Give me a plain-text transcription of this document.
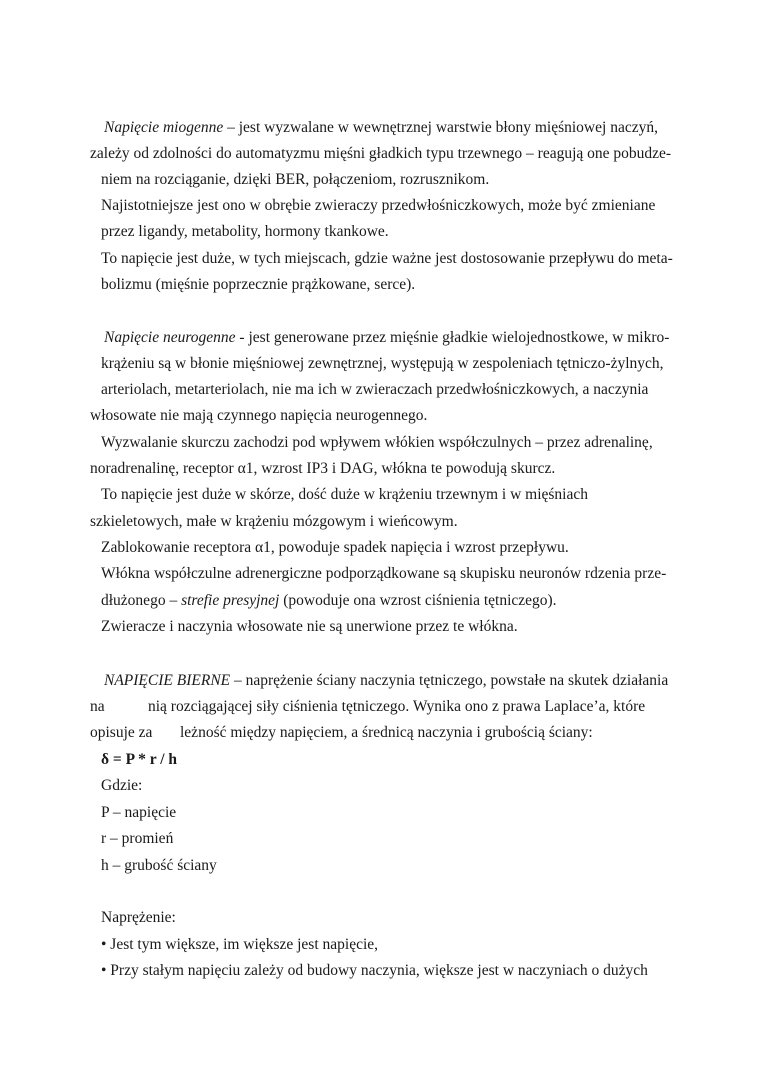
Napięcie miogenne – jest wyzwalane w wewnętrznej warstwie błony mięśniowej naczyń,
zależy od zdolności do automatyzmu mięśni gładkich typu trzewnego – reagują one pobudze-
niem na rozciąganie, dzięki BER, połączeniom, rozrusznikom.
Najistotniejsze jest ono w obrębie zwieraczy przedwłośniczkowych, może być zmieniane
przez ligandy, metabolity, hormony tkankowe.
To napięcie jest duże, w tych miejscach, gdzie ważne jest dostosowanie przepływu do meta-
bolizmu (mięśnie poprzecznie prążkowane, serce).
Napięcie neurogenne - jest generowane przez mięśnie gładkie wielojednostkowe, w mikro-
krążeniu są w błonie mięśniowej zewnętrznej, występują w zespoleniach tętniczo-żylnych,
arteriolach, metarteriolach, nie ma ich w zwieraczach przedwłośniczkowych, a naczynia
włosowate nie mają czynnego napięcia neurogennego.
Wyzwalanie skurczu zachodzi pod wpływem włókien współczulnych – przez adrenalinę,
noradrenalinę, receptor α1, wzrost IP3 i DAG, włókna te powodują skurcz.
To napięcie jest duże w skórze, dość duże w krążeniu trzewnym i w mięśniach
szkieletowych, małe w krążeniu mózgowym i wieńcowym.
Zablokowanie receptora α1, powoduje spadek napięcia i wzrost przepływu.
Włókna współczulne adrenergiczne podporządkowane są skupisku neuronów rdzenia prze-
dłużonego – strefie presyjnej (powoduje ona wzrost ciśnienia tętniczego).
Zwieracze i naczynia włosowate nie są unerwione przez te włókna.
NAPIĘCIE BIERNE – naprężenie ściany naczynia tętniczego, powstałe na skutek działania
na	nią rozciągającej siły ciśnienia tętniczego. Wynika ono z prawa Laplace’a, które
opisuje za leżność między napięciem, a średnicą naczynia i grubością ściany:
δ = P * r / h
Gdzie:
P – napięcie
r – promień
h – grubość ściany
Naprężenie:
• Jest tym większe, im większe jest napięcie,
• Przy stałym napięciu zależy od budowy naczynia, większe jest w naczyniach o dużych
